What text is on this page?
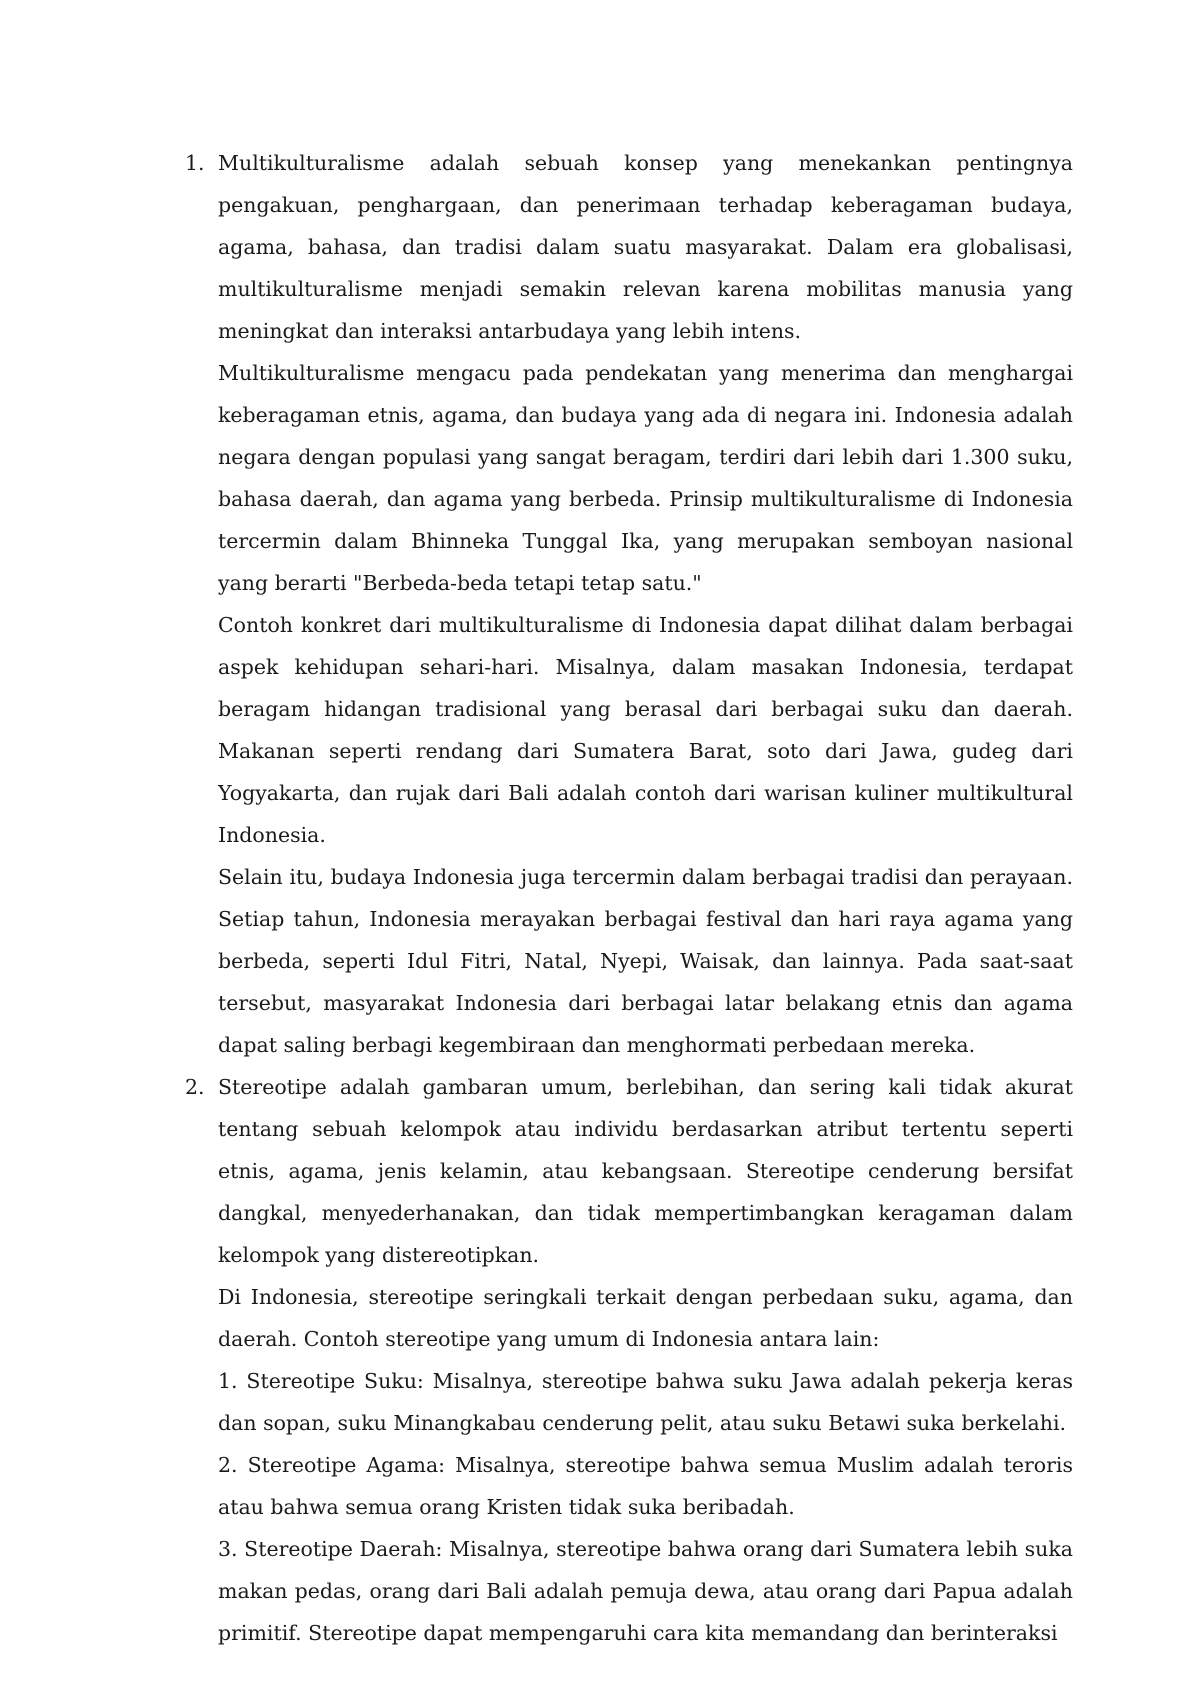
1. Multikulturalisme adalah sebuah konsep yang menekankan pentingnya pengakuan, penghargaan, dan penerimaan terhadap keberagaman budaya, agama, bahasa, dan tradisi dalam suatu masyarakat. Dalam era globalisasi, multikulturalisme menjadi semakin relevan karena mobilitas manusia yang meningkat dan interaksi antarbudaya yang lebih intens.

Multikulturalisme mengacu pada pendekatan yang menerima dan menghargai keberagaman etnis, agama, dan budaya yang ada di negara ini. Indonesia adalah negara dengan populasi yang sangat beragam, terdiri dari lebih dari 1.300 suku, bahasa daerah, dan agama yang berbeda. Prinsip multikulturalisme di Indonesia tercermin dalam Bhinneka Tunggal Ika, yang merupakan semboyan nasional yang berarti "Berbeda-beda tetapi tetap satu."

Contoh konkret dari multikulturalisme di Indonesia dapat dilihat dalam berbagai aspek kehidupan sehari-hari. Misalnya, dalam masakan Indonesia, terdapat beragam hidangan tradisional yang berasal dari berbagai suku dan daerah. Makanan seperti rendang dari Sumatera Barat, soto dari Jawa, gudeg dari Yogyakarta, dan rujak dari Bali adalah contoh dari warisan kuliner multikultural Indonesia.

Selain itu, budaya Indonesia juga tercermin dalam berbagai tradisi dan perayaan. Setiap tahun, Indonesia merayakan berbagai festival dan hari raya agama yang berbeda, seperti Idul Fitri, Natal, Nyepi, Waisak, dan lainnya. Pada saat-saat tersebut, masyarakat Indonesia dari berbagai latar belakang etnis dan agama dapat saling berbagi kegembiraan dan menghormati perbedaan mereka.

2. Stereotipe adalah gambaran umum, berlebihan, dan sering kali tidak akurat tentang sebuah kelompok atau individu berdasarkan atribut tertentu seperti etnis, agama, jenis kelamin, atau kebangsaan. Stereotipe cenderung bersifat dangkal, menyederhanakan, dan tidak mempertimbangkan keragaman dalam kelompok yang distereotipkan.

Di Indonesia, stereotipe seringkali terkait dengan perbedaan suku, agama, dan daerah. Contoh stereotipe yang umum di Indonesia antara lain:

1. Stereotipe Suku: Misalnya, stereotipe bahwa suku Jawa adalah pekerja keras dan sopan, suku Minangkabau cenderung pelit, atau suku Betawi suka berkelahi.

2. Stereotipe Agama: Misalnya, stereotipe bahwa semua Muslim adalah teroris atau bahwa semua orang Kristen tidak suka beribadah.

3. Stereotipe Daerah: Misalnya, stereotipe bahwa orang dari Sumatera lebih suka makan pedas, orang dari Bali adalah pemuja dewa, atau orang dari Papua adalah primitif. Stereotipe dapat mempengaruhi cara kita memandang dan berinteraksi
